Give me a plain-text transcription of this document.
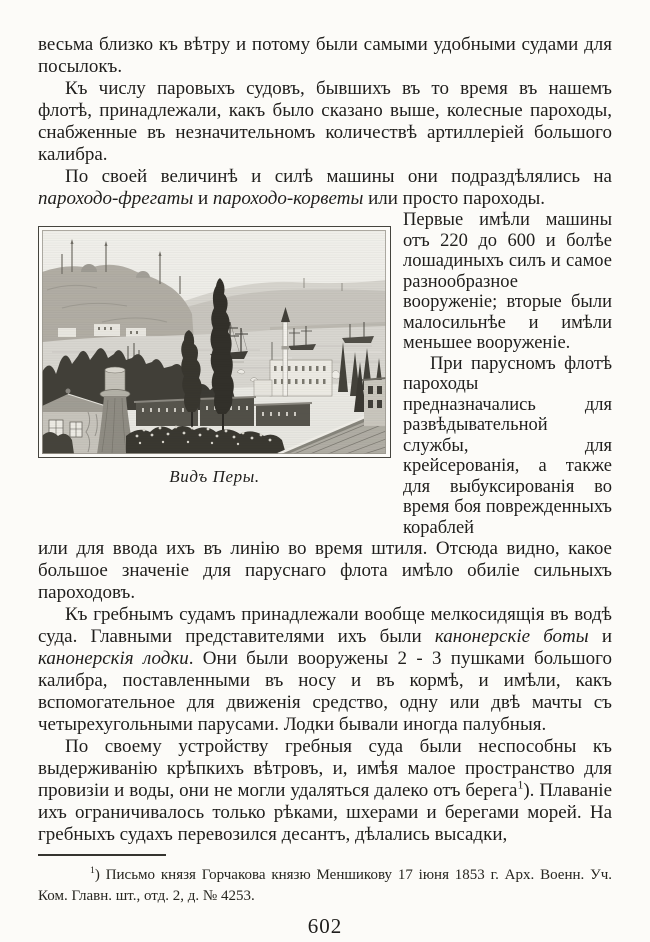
весьма близко къ вѣтру и потому были самыми удобными судами для посылокъ.

Къ числу паровыхъ судовъ, бывшихъ въ то время въ нашемъ флотѣ, принадлежали, какъ было сказано выше, колесные пароходы, снабженные въ незначительномъ количествѣ артиллеріей большого калибра.

По своей величинѣ и силѣ машины они подраздѣлялись на пароходо-фрегаты и пароходо-корветы или просто пароходы.

Видъ Перы.

Первые имѣли машины отъ 220 до 600 и болѣе лошадиныхъ силъ и самое разнообразное вооруженіе; вторые были малосильнѣе и имѣли меньшее вооруженіе.

При парусномъ флотѣ пароходы предназначались для развѣдывательной службы, для крейсерованія, а также для выбуксированія во время боя поврежденныхъ кораблей

или для ввода ихъ въ линію во время штиля. Отсюда видно, какое большое значеніе для паруснаго флота имѣло обиліе сильныхъ пароходовъ.

Къ гребнымъ судамъ принадлежали вообще мелкосидящія въ водѣ суда. Главными представителями ихъ были канонерскіе боты и канонерскія лодки. Они были вооружены 2 - 3 пушками большого калибра, поставленными въ носу и въ кормѣ, и имѣли, какъ вспомогательное для движенія средство, одну или двѣ мачты съ четырехугольными парусами. Лодки бывали иногда палубныя.

По своему устройству гребныя суда были неспособны къ выдерживанію крѣпкихъ вѣтровъ, и, имѣя малое пространство для провизіи и воды, они не могли удаляться далеко отъ берега$^1$). Плаваніе ихъ ограничивалось только рѣками, шхерами и берегами морей. На гребныхъ судахъ перевозился десантъ, дѣлались высадки,

$^1$) Письмо князя Горчакова князю Меншикову 17 іюня 1853 г. Арх. Военн. Уч. Ком. Главн. шт., отд. 2, д. № 4253.

602
